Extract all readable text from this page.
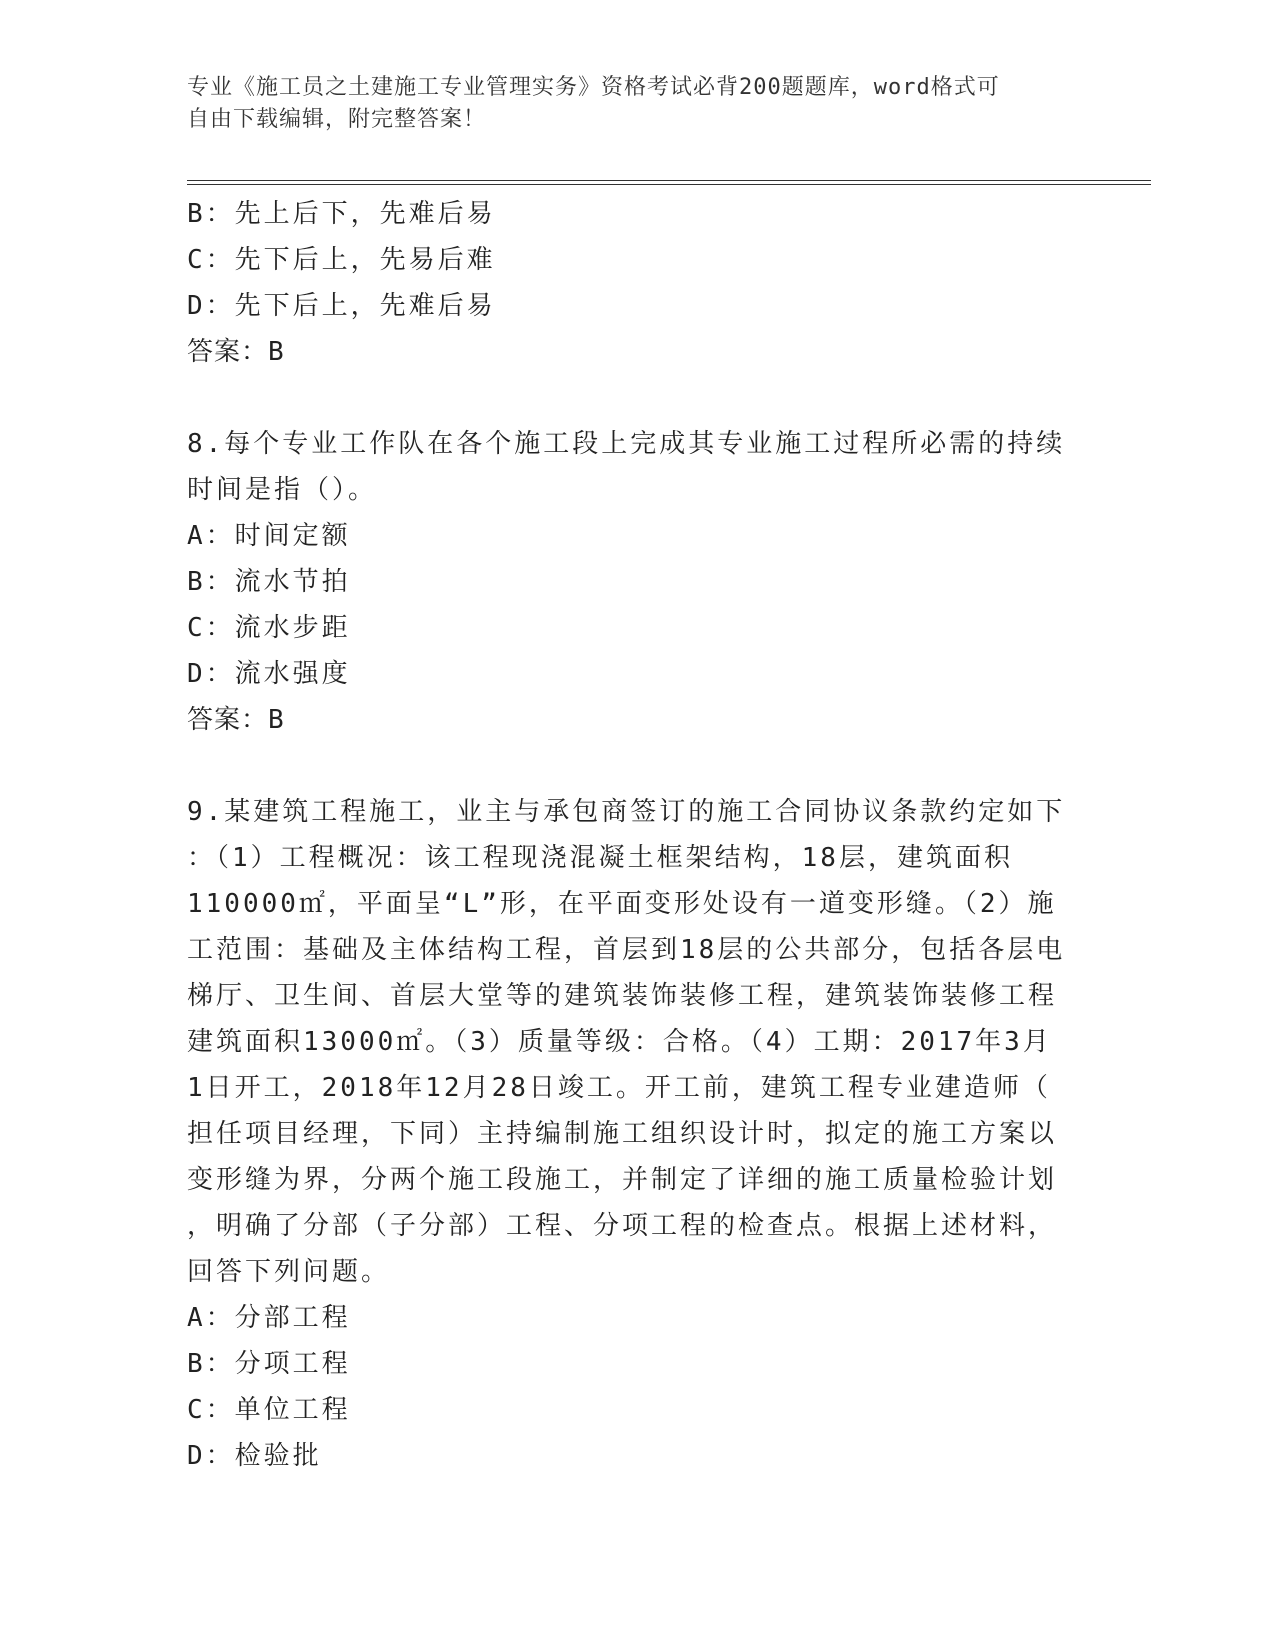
专业《施工员之土建施工专业管理实务》资格考试必背200题题库，word格式可
自由下载编辑，附完整答案！
B：先上后下，先难后易
C：先下后上，先易后难
D：先下后上，先难后易
答案：B
8.每个专业工作队在各个施工段上完成其专业施工过程所必需的持续
时间是指（）。
A：时间定额
B：流水节拍
C：流水步距
D：流水强度
答案：B
9.某建筑工程施工，业主与承包商签订的施工合同协议条款约定如下
：（1）工程概况：该工程现浇混凝土框架结构，18层，建筑面积
110000㎡，平面呈“L”形，在平面变形处设有一道变形缝。（2）施
工范围：基础及主体结构工程，首层到18层的公共部分，包括各层电
梯厅、卫生间、首层大堂等的建筑装饰装修工程，建筑装饰装修工程
建筑面积13000㎡。（3）质量等级：合格。（4）工期：2017年3月
1日开工，2018年12月28日竣工。开工前，建筑工程专业建造师（
担任项目经理，下同）主持编制施工组织设计时，拟定的施工方案以
变形缝为界，分两个施工段施工，并制定了详细的施工质量检验计划
，明确了分部（子分部）工程、分项工程的检查点。根据上述材料，
回答下列问题。
A：分部工程
B：分项工程
C：单位工程
D：检验批
